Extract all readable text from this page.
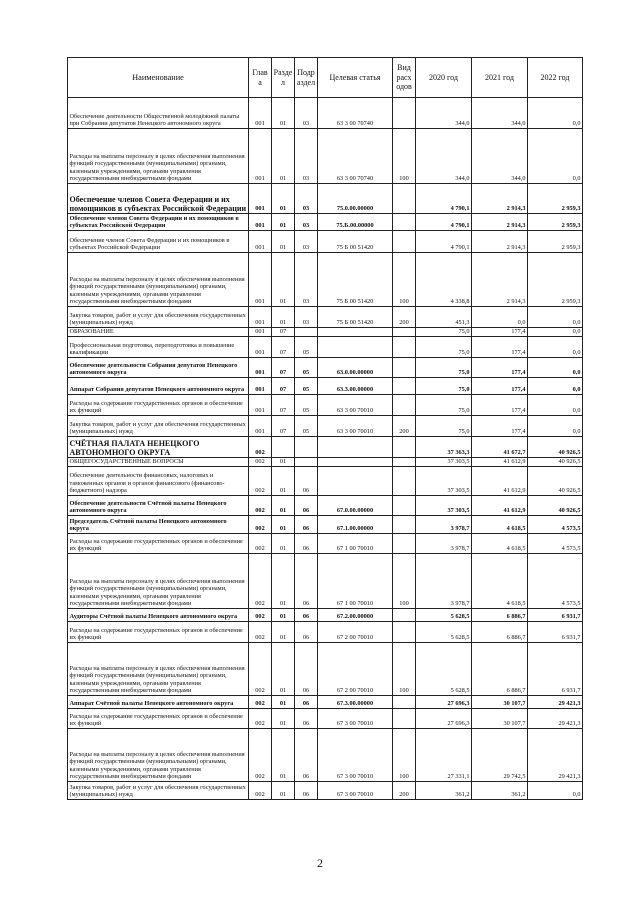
Наименование	Глав а	Разде л	Подр аздел	Целевая статья	Вид расх одов	2020 год	2021 год	2022 год
Обеспечение деятельности Общественной молодёжной палаты при Собрании депутатов Ненецкого автономного округа	001	01	03	63 3 00 70740		344,0	344,0	0,0
Расходы на выплаты персоналу в целях обеспечения выполнения функций государственными (муниципальными) органами, казенными учреждениями, органами управления государственными внебюджетными фондами	001	01	03	63 3 00 70740	100	344,0	344,0	0,0
Обеспечение членов Совета Федерации и их помощников в субъектах Российской Федерации	001	01	03	75.0.00.00000		4 790,1	2 914,3	2 959,3
Обеспечение членов Совета Федерации и их помощников в субъектах Российской Федерации	001	01	03	75.Б.00.00000		4 790,1	2 914,3	2 959,3
Обеспечение членов Совета Федерации и их помощников в субъектах Российской Федерации	001	01	03	75 Б 00 51420		4 790,1	2 914,3	2 959,3
Расходы на выплаты персоналу в целях обеспечения выполнения функций государственными (муниципальными) органами, казенными учреждениями, органами управления государственными внебюджетными фондами	001	01	03	75 Б 00 51420	100	4 338,8	2 914,3	2 959,3
Закупка товаров, работ и услуг для обеспечения государственных (муниципальных) нужд	001	01	03	75 Б 00 51420	200	451,3	0,0	0,0
ОБРАЗОВАНИЕ	001	07				75,0	177,4	0,0
Профессиональная подготовка, переподготовка и повышение квалификации	001	07	05			75,0	177,4	0,0
Обеспечение деятельности Собрания депутатов Ненецкого автономного округа	001	07	05	63.0.00.00000		75,0	177,4	0,0
Аппарат Собрания депутатов Ненецкого автономного округа	001	07	05	63.3.00.00000		75,0	177,4	0,0
Расходы на содержание государственных органов и обеспечение их функций	001	07	05	63 3 00 70010		75,0	177,4	0,0
Закупка товаров, работ и услуг для обеспечения государственных (муниципальных) нужд	001	07	05	63 3 00 70010	200	75,0	177,4	0,0
СЧЁТНАЯ ПАЛАТА НЕНЕЦКОГО АВТОНОМНОГО ОКРУГА	002					37 363,3	41 672,7	40 926,5
ОБЩЕГОСУДАРСТВЕННЫЕ ВОПРОСЫ	002	01				37 303,5	41 612,9	40 926,5
Обеспечение деятельности финансовых, налоговых и таможенных органов и органов финансового (финансово-бюджетного) надзора	002	01	06			37 303,5	41 612,9	40 926,5
Обеспечение деятельности Счётной палаты Ненецкого автономного округа	002	01	06	67.0.00.00000		37 303,5	41 612,9	40 926,5
Председатель Счётной палаты Ненецкого автономного округа	002	01	06	67.1.00.00000		3 978,7	4 618,5	4 573,5
Расходы на содержание государственных органов и обеспечение их функций	002	01	06	67 1 00 70010		3 978,7	4 618,5	4 573,5
Расходы на выплаты персоналу в целях обеспечения выполнения функций государственными (муниципальными) органами, казенными учреждениями, органами управления государственными внебюджетными фондами	002	01	06	67 1 00 70010	100	3 978,7	4 618,5	4 573,5
Аудиторы Счётной палаты Ненецкого автономного округа	002	01	06	67.2.00.00000		5 628,5	6 886,7	6 931,7
Расходы на содержание государственных органов и обеспечение их функций	002	01	06	67 2 00 70010		5 628,5	6 886,7	6 931,7
Расходы на выплаты персоналу в целях обеспечения выполнения функций государственными (муниципальными) органами, казенными учреждениями, органами управления государственными внебюджетными фондами	002	01	06	67 2 00 70010	100	5 628,5	6 886,7	6 931,7
Аппарат Счётной палаты Ненецкого автономного округа	002	01	06	67.3.00.00000		27 696,3	30 107,7	29 421,3
Расходы на содержание государственных органов и обеспечение их функций	002	01	06	67 3 00 70010		27 696,3	30 107,7	29 421,3
Расходы на выплаты персоналу в целях обеспечения выполнения функций государственными (муниципальными) органами, казенными учреждениями, органами управления государственными внебюджетными фондами	002	01	06	67 3 00 70010	100	27 331,1	29 742,5	29 421,3
Закупка товаров, работ и услуг для обеспечения государственных (муниципальных) нужд	002	01	06	67 3 00 70010	200	361,2	361,2	0,0
2
